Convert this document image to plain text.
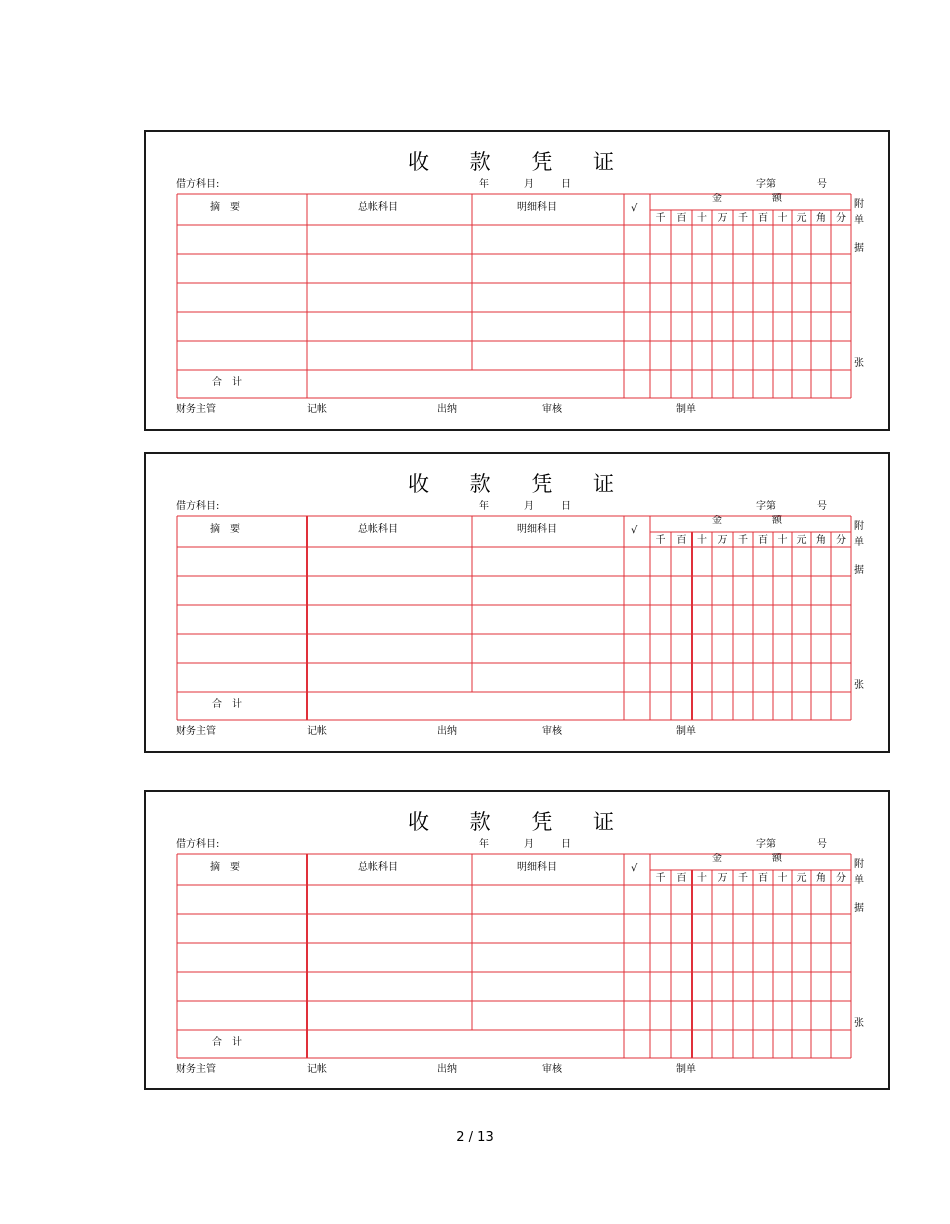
收 款 凭 证
借方科目:	年	月	日	字第	号
摘　要	总帐科目	明细科目	√
金　　　　　额
千 百 十 万 千 百 十 元 角 分
合　计
附
单
据
张
财务主管	记帐	出纳	审核	制单
收 款 凭 证
借方科目:	年	月	日	字第	号
摘　要	总帐科目	明细科目	√
金　　　　　额
千 百 十 万 千 百 十 元 角 分
合　计
附
单
据
张
财务主管	记帐	出纳	审核	制单
收 款 凭 证
借方科目:	年	月	日	字第	号
摘　要	总帐科目	明细科目	√
金　　　　　额
千 百 十 万 千 百 十 元 角 分
合　计
附
单
据
张
财务主管	记帐	出纳	审核	制单
2 / 13
